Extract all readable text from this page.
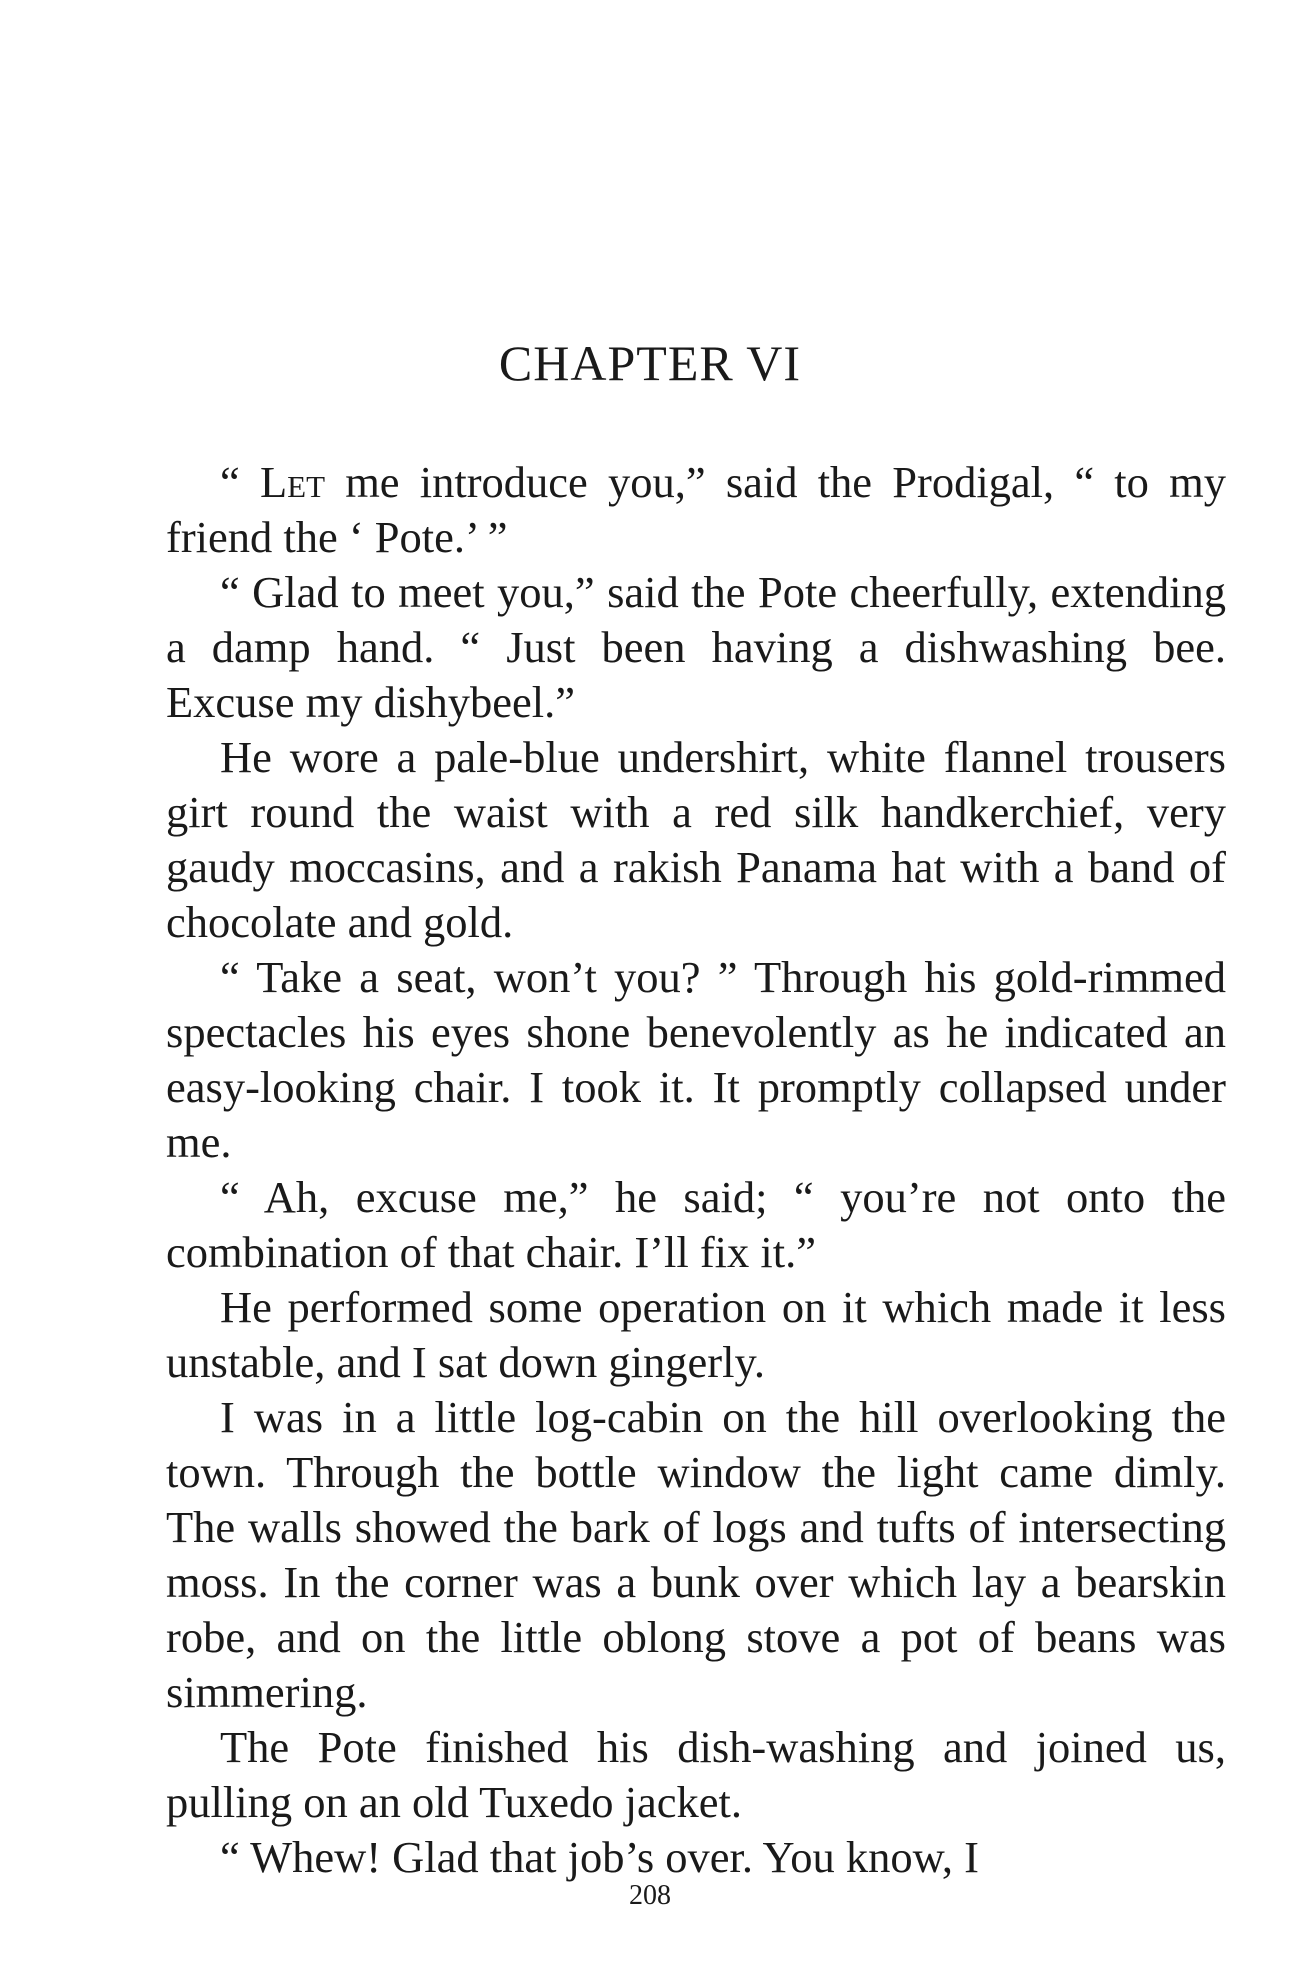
CHAPTER VI

“ Let me introduce you,” said the Prodigal, “ to my friend the ‘ Pote.’ ”

“ Glad to meet you,” said the Pote cheerfully, extending a damp hand. “ Just been having a dishwashing bee. Excuse my dishybeel.”

He wore a pale-blue undershirt, white flannel trousers girt round the waist with a red silk handkerchief, very gaudy moccasins, and a rakish Panama hat with a band of chocolate and gold.

“ Take a seat, won’t you? ” Through his gold-rimmed spectacles his eyes shone benevolently as he indicated an easy-looking chair. I took it. It promptly collapsed under me.

“ Ah, excuse me,” he said; “ you’re not onto the combination of that chair. I’ll fix it.”

He performed some operation on it which made it less unstable, and I sat down gingerly.

I was in a little log-cabin on the hill overlooking the town. Through the bottle window the light came dimly. The walls showed the bark of logs and tufts of intersecting moss. In the corner was a bunk over which lay a bearskin robe, and on the little oblong stove a pot of beans was simmering.

The Pote finished his dish-washing and joined us, pulling on an old Tuxedo jacket.

“ Whew! Glad that job’s over. You know, I

208
